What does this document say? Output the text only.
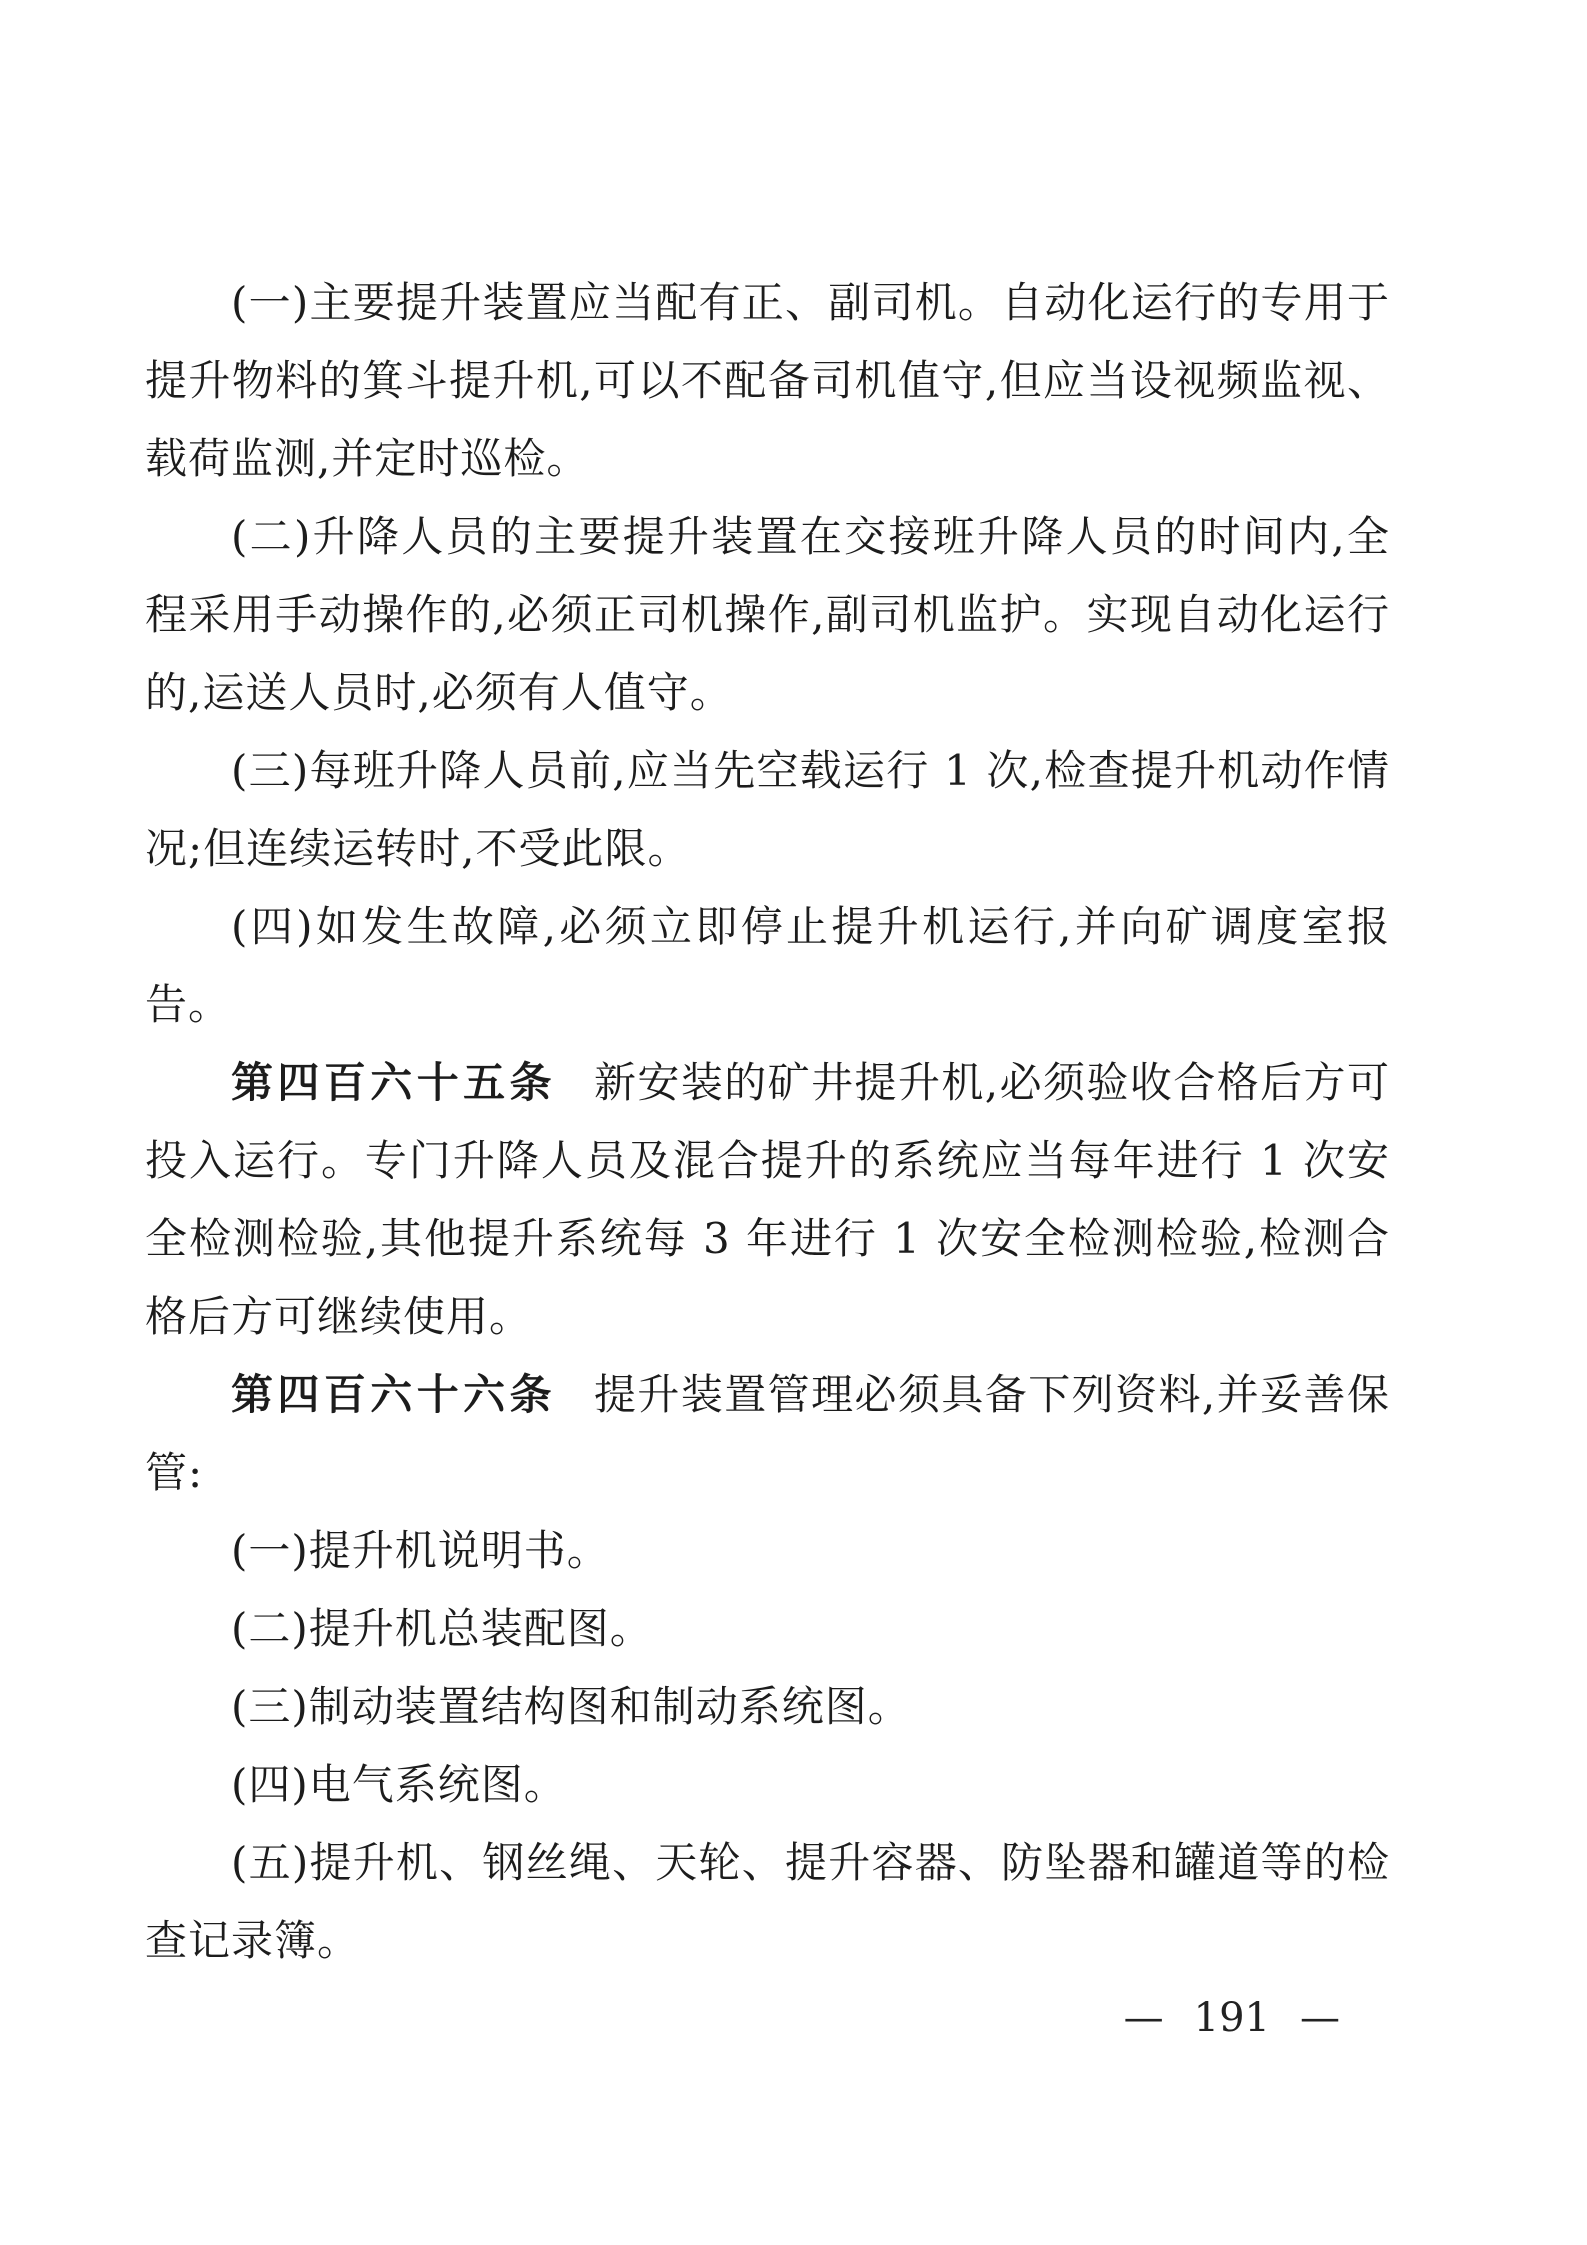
(一)主要提升装置应当配有正、副司机。自动化运行的专用于提升物料的箕斗提升机,可以不配备司机值守,但应当设视频监视、载荷监测,并定时巡检。

(二)升降人员的主要提升装置在交接班升降人员的时间内,全程采用手动操作的,必须正司机操作,副司机监护。实现自动化运行的,运送人员时,必须有人值守。

(三)每班升降人员前,应当先空载运行 1 次,检查提升机动作情况;但连续运转时,不受此限。

(四)如发生故障,必须立即停止提升机运行,并向矿调度室报告。

第四百六十五条 新安装的矿井提升机,必须验收合格后方可投入运行。专门升降人员及混合提升的系统应当每年进行 1 次安全检测检验,其他提升系统每 3 年进行 1 次安全检测检验,检测合格后方可继续使用。

第四百六十六条 提升装置管理必须具备下列资料,并妥善保管:

(一)提升机说明书。

(二)提升机总装配图。

(三)制动装置结构图和制动系统图。

(四)电气系统图。

(五)提升机、钢丝绳、天轮、提升容器、防坠器和罐道等的检查记录簿。

— 191 —
